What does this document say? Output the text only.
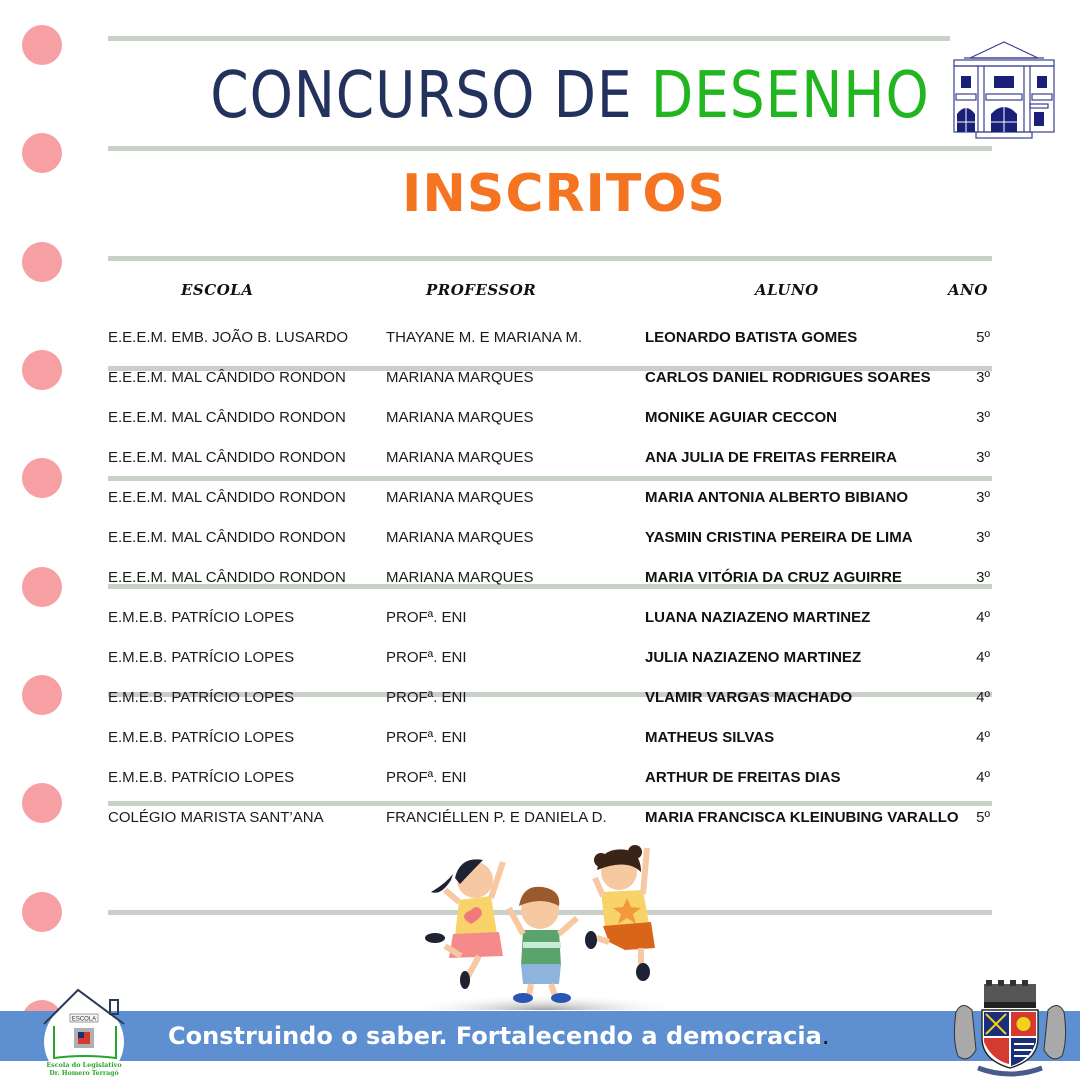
CONCURSO DE DESENHO
INSCRITOS
ESCOLA	PROFESSOR	ALUNO	ANO
E.E.E.M. EMB. JOÃO B. LUSARDO	THAYANE M. E MARIANA M.	LEONARDO BATISTA GOMES	5º
E.E.E.M. MAL CÂNDIDO RONDON	MARIANA MARQUES	CARLOS DANIEL RODRIGUES SOARES	3º
E.E.E.M. MAL CÂNDIDO RONDON	MARIANA MARQUES	MONIKE AGUIAR CECCON	3º
E.E.E.M. MAL CÂNDIDO RONDON	MARIANA MARQUES	ANA JULIA DE FREITAS FERREIRA	3º
E.E.E.M. MAL CÂNDIDO RONDON	MARIANA MARQUES	MARIA ANTONIA ALBERTO BIBIANO	3º
E.E.E.M. MAL CÂNDIDO RONDON	MARIANA MARQUES	YASMIN CRISTINA PEREIRA DE LIMA	3º
E.E.E.M. MAL CÂNDIDO RONDON	MARIANA MARQUES	MARIA VITÓRIA DA CRUZ AGUIRRE	3º
E.M.E.B. PATRÍCIO LOPES	PROFª. ENI	LUANA NAZIAZENO MARTINEZ	4º
E.M.E.B. PATRÍCIO LOPES	PROFª. ENI	JULIA NAZIAZENO MARTINEZ	4º
E.M.E.B. PATRÍCIO LOPES	PROFª. ENI	VLAMIR VARGAS MACHADO	4º
E.M.E.B. PATRÍCIO LOPES	PROFª. ENI	MATHEUS SILVAS	4º
E.M.E.B. PATRÍCIO LOPES	PROFª. ENI	ARTHUR DE FREITAS DIAS	4º
COLÉGIO MARISTA SANT’ANA	FRANCIÉLLEN P. E DANIELA D.	MARIA FRANCISCA KLEINUBING VARALLO	5º
Construindo o saber. Fortalecendo a democracia.
ESCOLA
Escola do Legislativo
Dr. Homero Terragó
